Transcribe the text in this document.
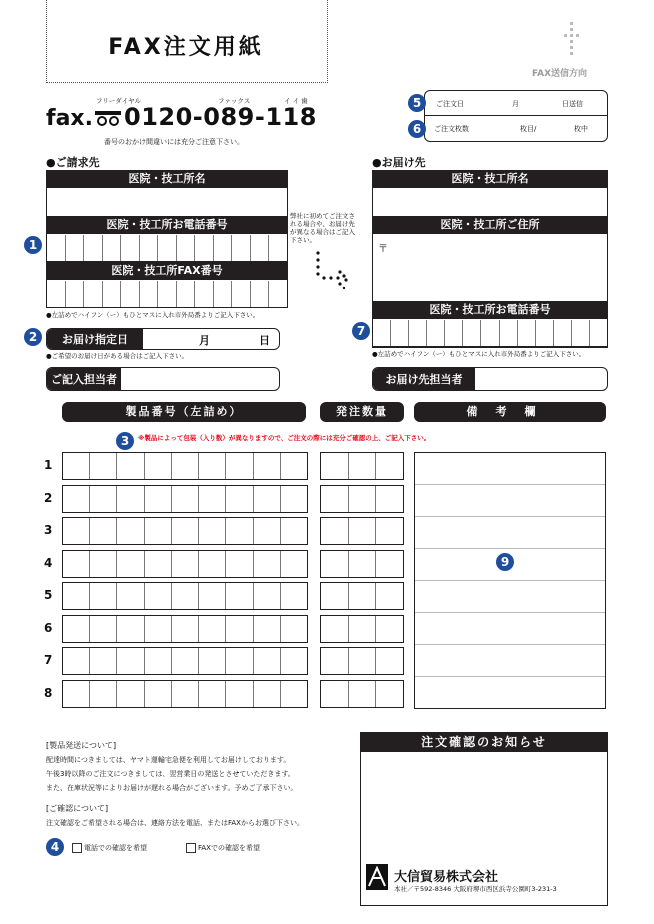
FAX注文用紙
FAX送信方向
フリーダイヤル	ファックス	イ イ 歯
fax. 0120-089-118
番号のおかけ間違いには充分ご注意下さい。
ご注文日	月	日送信
ご注文枚数	枚目/	枚中
5
6
1
2	7
3
9
4
●ご請求先
医院・技工所名
医院・技工所お電話番号
医院・技工所FAX番号
●左詰めでハイフン（ー）もひとマスに入れ市外局番よりご記入下さい。
弊社に初めてご注文される場合や、お届け先が異なる場合はご記入下さい。
●お届け先
医院・技工所名
医院・技工所ご住所
〒
医院・技工所お電話番号
●左詰めでハイフン（ー）もひとマスに入れ市外局番よりご記入下さい。
お届け指定日	月	日
●ご希望のお届け日がある場合はご記入下さい。
ご記入担当者	お届け先担当者
製品番号（左詰め）	発注数量	備考欄
※製品によって包装（入り数）が異なりますので、ご注文の際には充分ご確認の上、ご記入下さい。
1
2
3
4
5
6
7
8
[製品発送について]
配達時間につきましては、ヤマト運輸宅急便を利用してお届けしております。
午後3時以降のご注文につきましては、翌営業日の発送とさせていただきます。
また、在庫状況等によりお届けが遅れる場合がございます。予めご了承下さい。
[ご確認について]
注文確認をご希望される場合は、連絡方法を電話、またはFAXからお選び下さい。
電話での確認を希望	FAXでの確認を希望
注文確認のお知らせ
大信貿易株式会社
本社／〒592-8346 大阪府堺市西区浜寺公園町3-231-3
